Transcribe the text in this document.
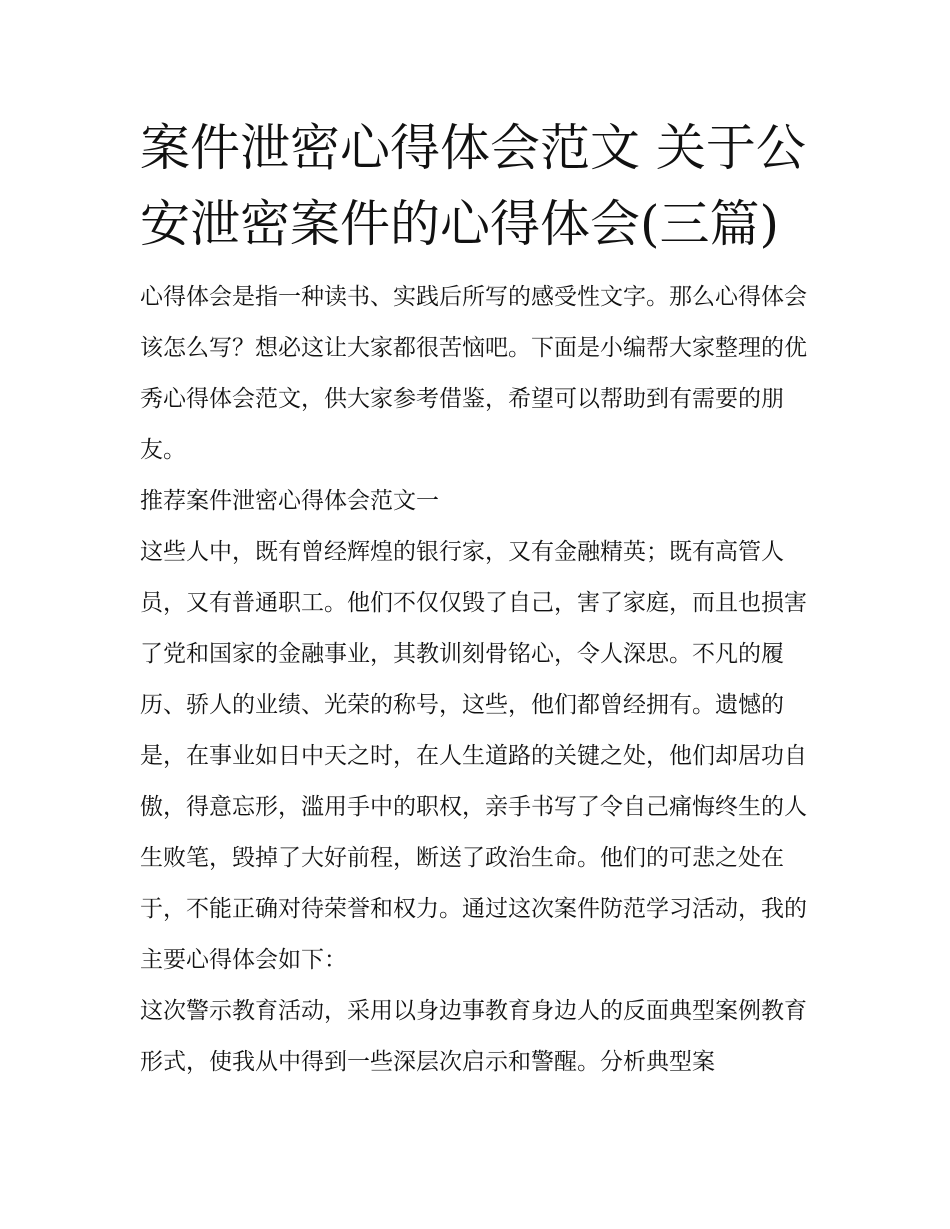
案件泄密心得体会范文 关于公安泄密案件的心得体会(三篇)

心得体会是指一种读书、实践后所写的感受性文字。那么心得体会该怎么写？想必这让大家都很苦恼吧。下面是小编帮大家整理的优秀心得体会范文，供大家参考借鉴，希望可以帮助到有需要的朋友。

推荐案件泄密心得体会范文一

这些人中，既有曾经辉煌的银行家，又有金融精英；既有高管人员，又有普通职工。他们不仅仅毁了自己，害了家庭，而且也损害了党和国家的金融事业，其教训刻骨铭心，令人深思。不凡的履历、骄人的业绩、光荣的称号，这些，他们都曾经拥有。遗憾的是，在事业如日中天之时，在人生道路的关键之处，他们却居功自傲，得意忘形，滥用手中的职权，亲手书写了令自己痛悔终生的人生败笔，毁掉了大好前程，断送了政治生命。他们的可悲之处在于，不能正确对待荣誉和权力。通过这次案件防范学习活动，我的主要心得体会如下：

这次警示教育活动，采用以身边事教育身边人的反面典型案例教育形式，使我从中得到一些深层次启示和警醒。分析典型案
